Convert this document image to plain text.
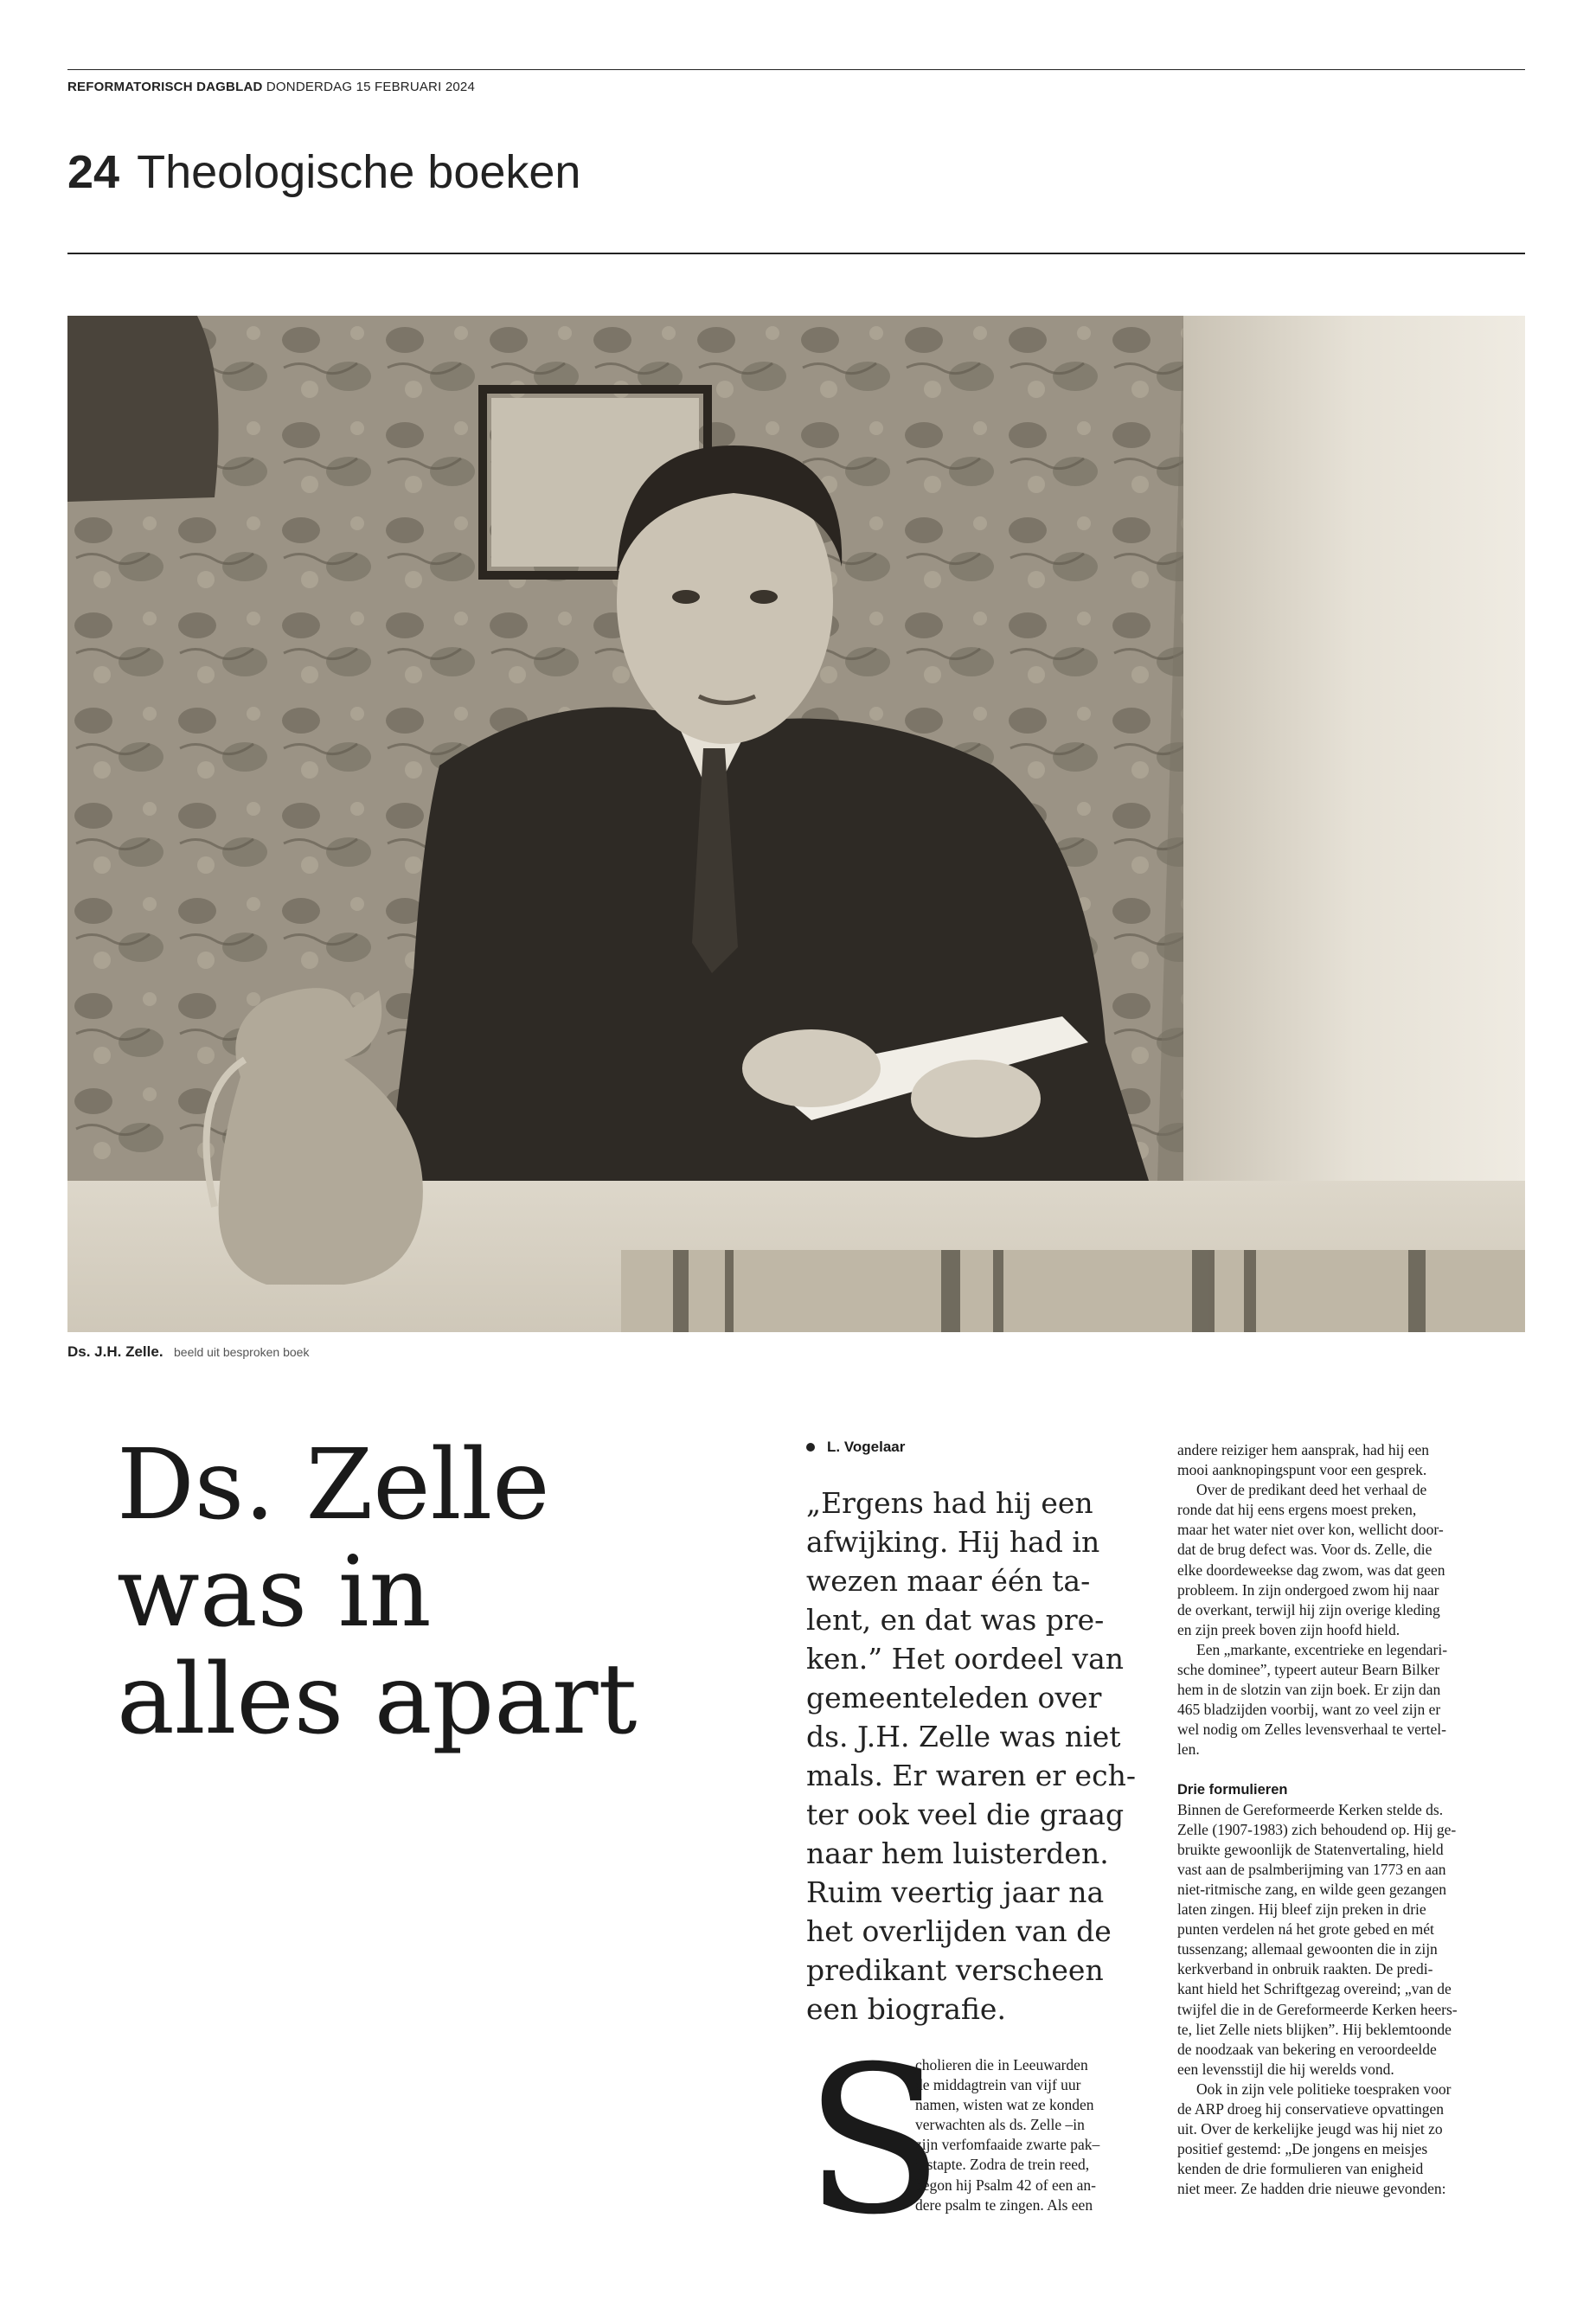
REFORMATORISCH DAGBLAD DONDERDAG 15 FEBRUARI 2024
24 Theologische boeken
Ds. J.H. Zelle. beeld uit besproken boek
Ds. Zelle
was in
alles apart
L. Vogelaar
„Ergens had hij een
afwijking. Hij had in
wezen maar één ta-
lent, en dat was pre-
ken.” Het oordeel van
gemeenteleden over
ds. J.H. Zelle was niet
mals. Er waren er ech-
ter ook veel die graag
naar hem luisterden.
Ruim veertig jaar na
het overlijden van de
predikant verscheen
een biografie.
S
cholieren die in Leeuwarden
de middagtrein van vijf uur
namen, wisten wat ze konden
verwachten als ds. Zelle –in
zijn verfomfaaide zwarte pak–
instapte. Zodra de trein reed,
begon hij Psalm 42 of een an-
dere psalm te zingen. Als een
andere reiziger hem aansprak, had hij een
mooi aanknopingspunt voor een gesprek.
Over de predikant deed het verhaal de
ronde dat hij eens ergens moest preken,
maar het water niet over kon, wellicht door-
dat de brug defect was. Voor ds. Zelle, die
elke doordeweekse dag zwom, was dat geen
probleem. In zijn ondergoed zwom hij naar
de overkant, terwijl hij zijn overige kleding
en zijn preek boven zijn hoofd hield.
Een „markante, excentrieke en legendari-
sche dominee”, typeert auteur Bearn Bilker
hem in de slotzin van zijn boek. Er zijn dan
465 bladzijden voorbij, want zo veel zijn er
wel nodig om Zelles levensverhaal te vertel-
len.
Drie formulieren
Binnen de Gereformeerde Kerken stelde ds.
Zelle (1907-1983) zich behoudend op. Hij ge-
bruikte gewoonlijk de Statenvertaling, hield
vast aan de psalmberijming van 1773 en aan
niet-ritmische zang, en wilde geen gezangen
laten zingen. Hij bleef zijn preken in drie
punten verdelen ná het grote gebed en mét
tussenzang; allemaal gewoonten die in zijn
kerkverband in onbruik raakten. De predi-
kant hield het Schriftgezag overeind; „van de
twijfel die in de Gereformeerde Kerken heers-
te, liet Zelle niets blijken”. Hij beklemtoonde
de noodzaak van bekering en veroordeelde
een levensstijl die hij werelds vond.
Ook in zijn vele politieke toespraken voor
de ARP droeg hij conservatieve opvattingen
uit. Over de kerkelijke jeugd was hij niet zo
positief gestemd: „De jongens en meisjes
kenden de drie formulieren van enigheid
niet meer. Ze hadden drie nieuwe gevonden:
